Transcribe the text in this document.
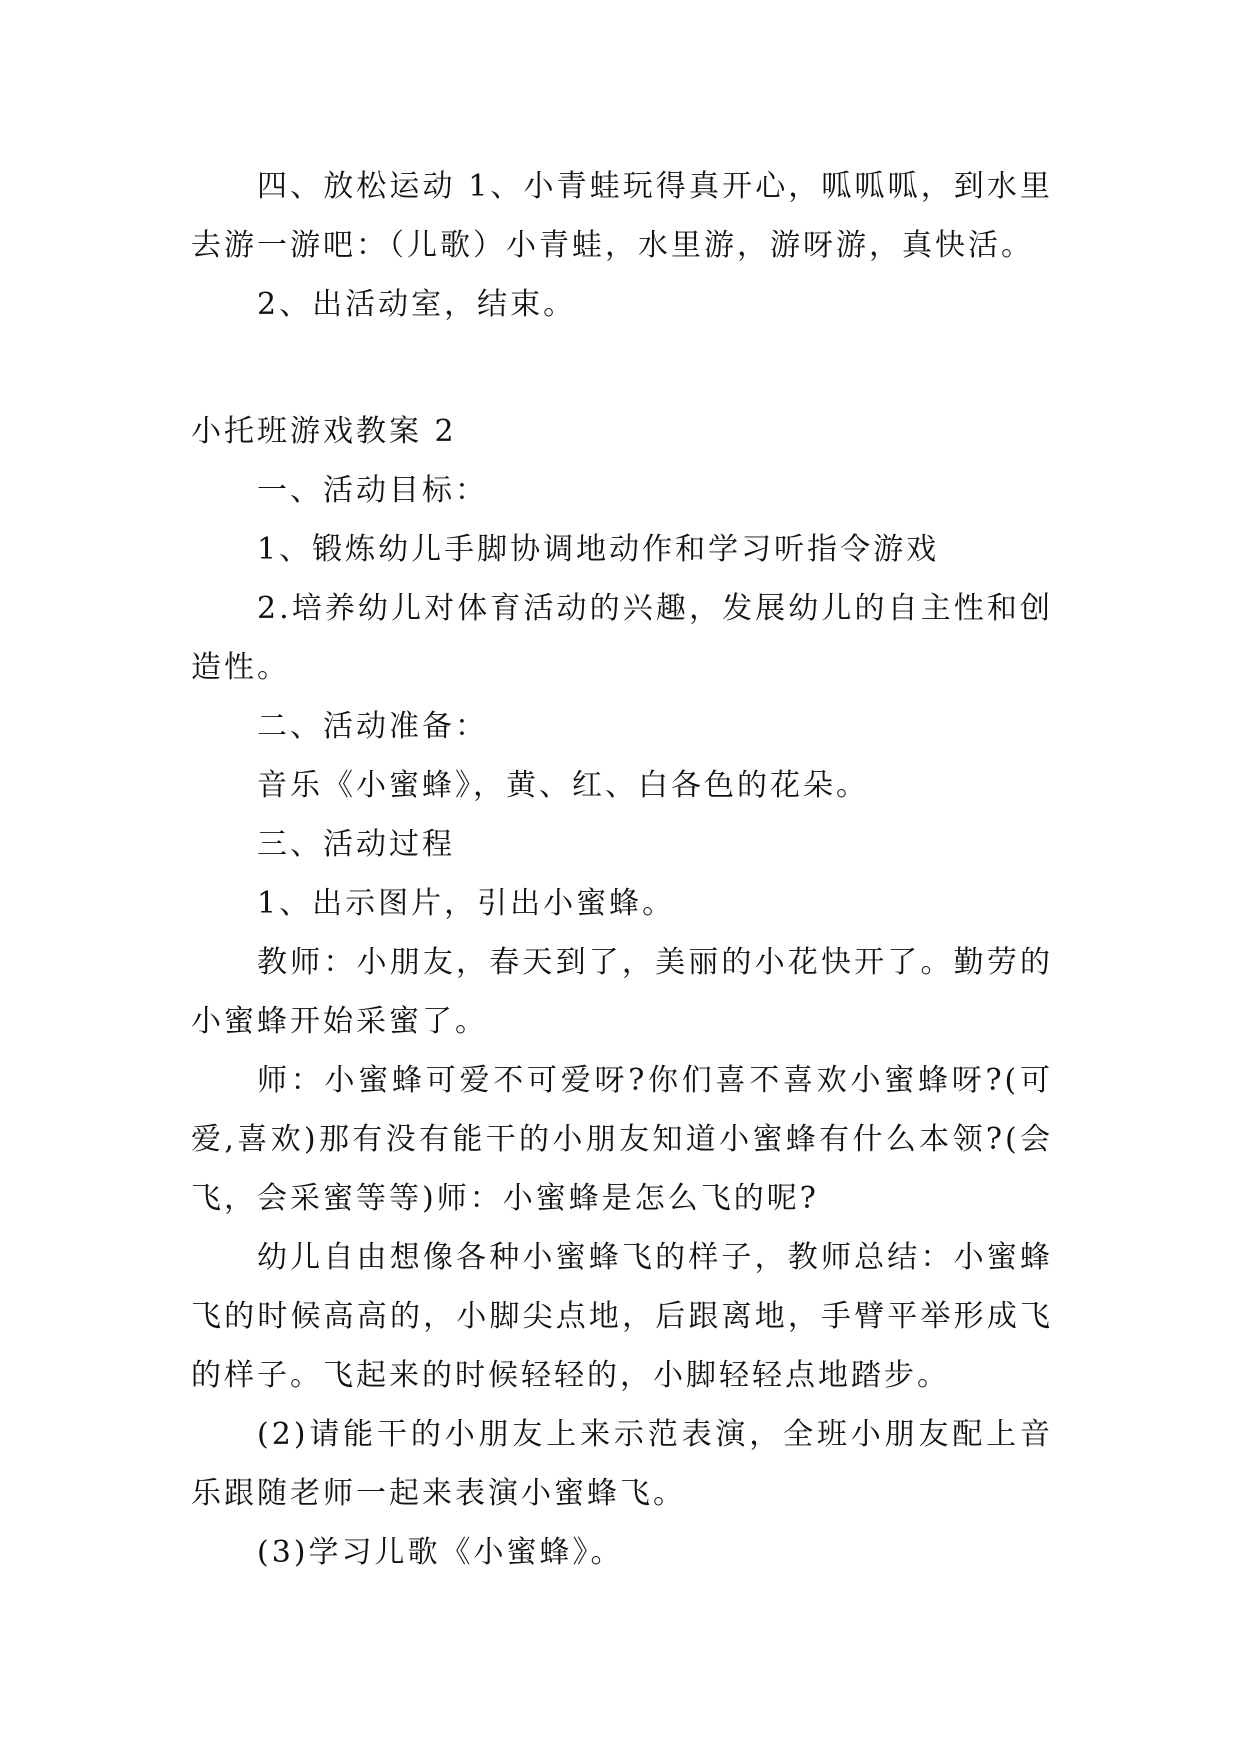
四、放松运动 1、小青蛙玩得真开心，呱呱呱，到水里去游一游吧：（儿歌）小青蛙，水里游，游呀游，真快活。

2、出活动室，结束。

小托班游戏教案 2

一、活动目标：

1、锻炼幼儿手脚协调地动作和学习听指令游戏

2.培养幼儿对体育活动的兴趣，发展幼儿的自主性和创造性。

二、活动准备：

音乐《小蜜蜂》，黄、红、白各色的花朵。

三、活动过程

1、出示图片，引出小蜜蜂。

教师：小朋友，春天到了，美丽的小花快开了。勤劳的小蜜蜂开始采蜜了。

师：小蜜蜂可爱不可爱呀?你们喜不喜欢小蜜蜂呀?(可爱,喜欢)那有没有能干的小朋友知道小蜜蜂有什么本领?(会飞，会采蜜等等)师：小蜜蜂是怎么飞的呢?

幼儿自由想像各种小蜜蜂飞的样子，教师总结：小蜜蜂飞的时候高高的，小脚尖点地，后跟离地，手臂平举形成飞的样子。飞起来的时候轻轻的，小脚轻轻点地踏步。

(2)请能干的小朋友上来示范表演，全班小朋友配上音乐跟随老师一起来表演小蜜蜂飞。

(3)学习儿歌《小蜜蜂》。
